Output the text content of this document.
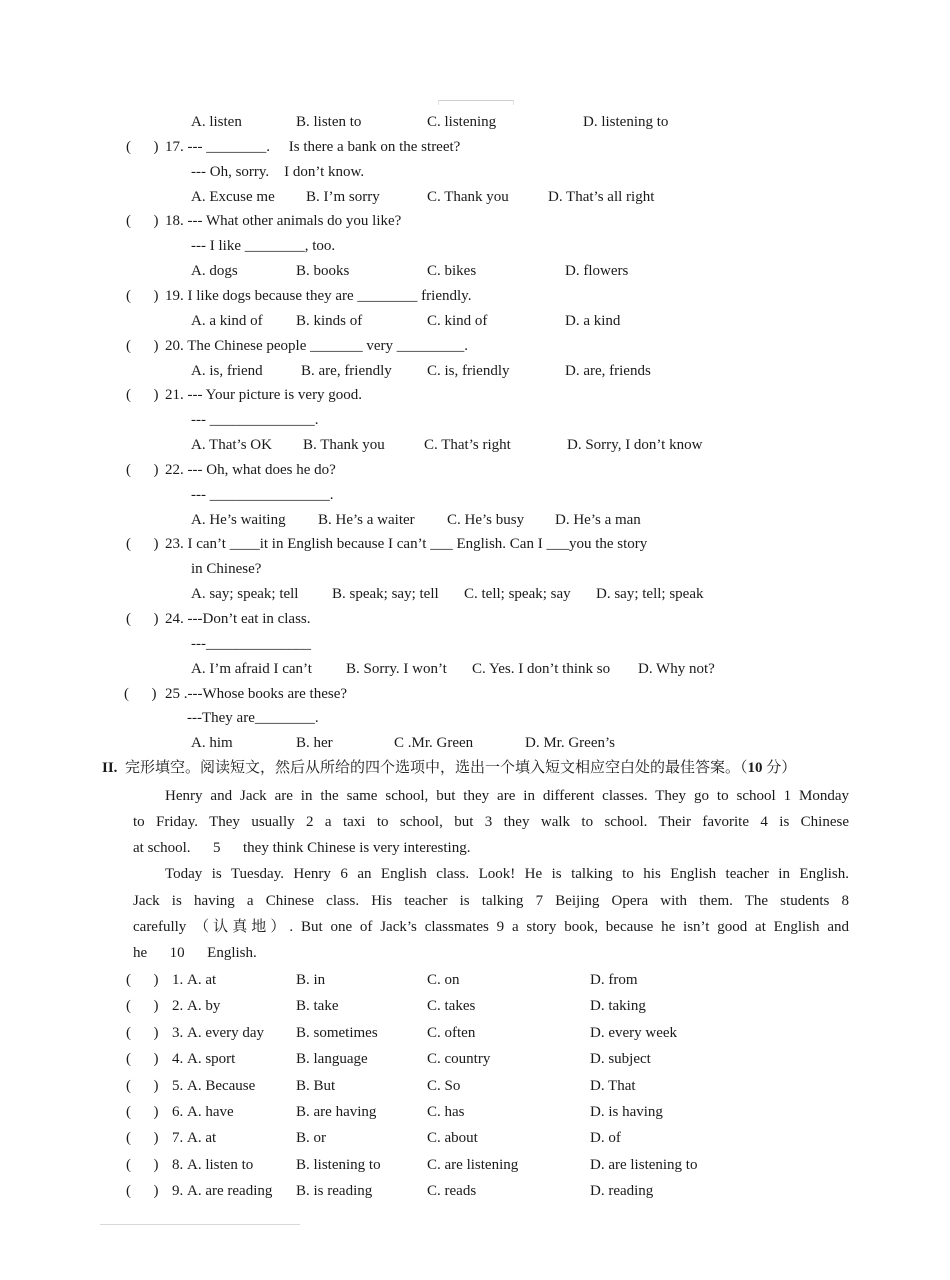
A. listen	B. listen to	C. listening	D. listening to
(      ) 17. --- ________.     Is there a bank on the street?
--- Oh, sorry.    I don’t know.
A. Excuse me B. I’m sorry	C. Thank you	D. That’s all right
(      ) 18. --- What other animals do you like?
--- I like ________, too.
A. dogs	B. books	C. bikes	D. flowers
(      ) 19. I like dogs because they are ________ friendly.
A. a kind of B. kinds of	C. kind of	D. a kind
(      ) 20. The Chinese people _______ very _________.
A. is, friend	B. are, friendly C. is, friendly	D. are, friends
(      ) 21. --- Your picture is very good.
--- ______________.
A. That’s OK B. Thank you	C. That’s right	D. Sorry, I don’t know
(      ) 22. --- Oh, what does he do?
--- ________________.
A. He’s waiting B. He’s a waiter C. He’s busy D. He’s a man
(      ) 23. I can’t ____it in English because I can’t ___ English. Can I ___you the story
in Chinese?
A. say; speak; tell B. speak; say; tell C. tell; speak; say D. say; tell; speak
(      ) 24. ---Don’t eat in class.
---______________
A. I’m afraid I can’t B. Sorry. I won’t C. Yes. I don’t think so D. Why not?
(      ) 25 .---Whose books are these?
---They are________.
A. him	B. her	C .Mr. Green	D. Mr. Green’s
II. 完形填空。阅读短文，然后从所给的四个选项中，选出一个填入短文相应空白处的最佳答案。（10 分）
Henry and Jack are in the same school, but they are in different classes. They go to school 1 Monday
to Friday. They usually 2 a taxi to school, but 3 they walk to school. Their favorite 4 is Chinese
at school.      5      they think Chinese is very interesting.
Today is Tuesday. Henry 6 an English class. Look! He is talking to his English teacher in English.
Jack is having a Chinese class. His teacher is talking 7 Beijing Opera with them. The students 8
carefully （认真地）. But one of Jack’s classmates 9 a story book, because he isn’t good at English and
he      10      English.
(      ) 1. A. at	B. in	C. on	D. from
(      ) 2. A. by	B. take	C. takes	D. taking
(      ) 3. A. every day B. sometimes	C. often	D. every week
(      ) 4. A. sport	B. language	C. country	D. subject
(      ) 5. A. Because	B. But	C. So	D. That
(      ) 6. A. have	B. are having	C. has	D. is having
(      ) 7. A. at	B. or	C. about	D. of
(      ) 8. A. listen to	B. listening to	C. are listening	D. are listening to
(      ) 9. A. are reading B. is reading	C. reads	D. reading
